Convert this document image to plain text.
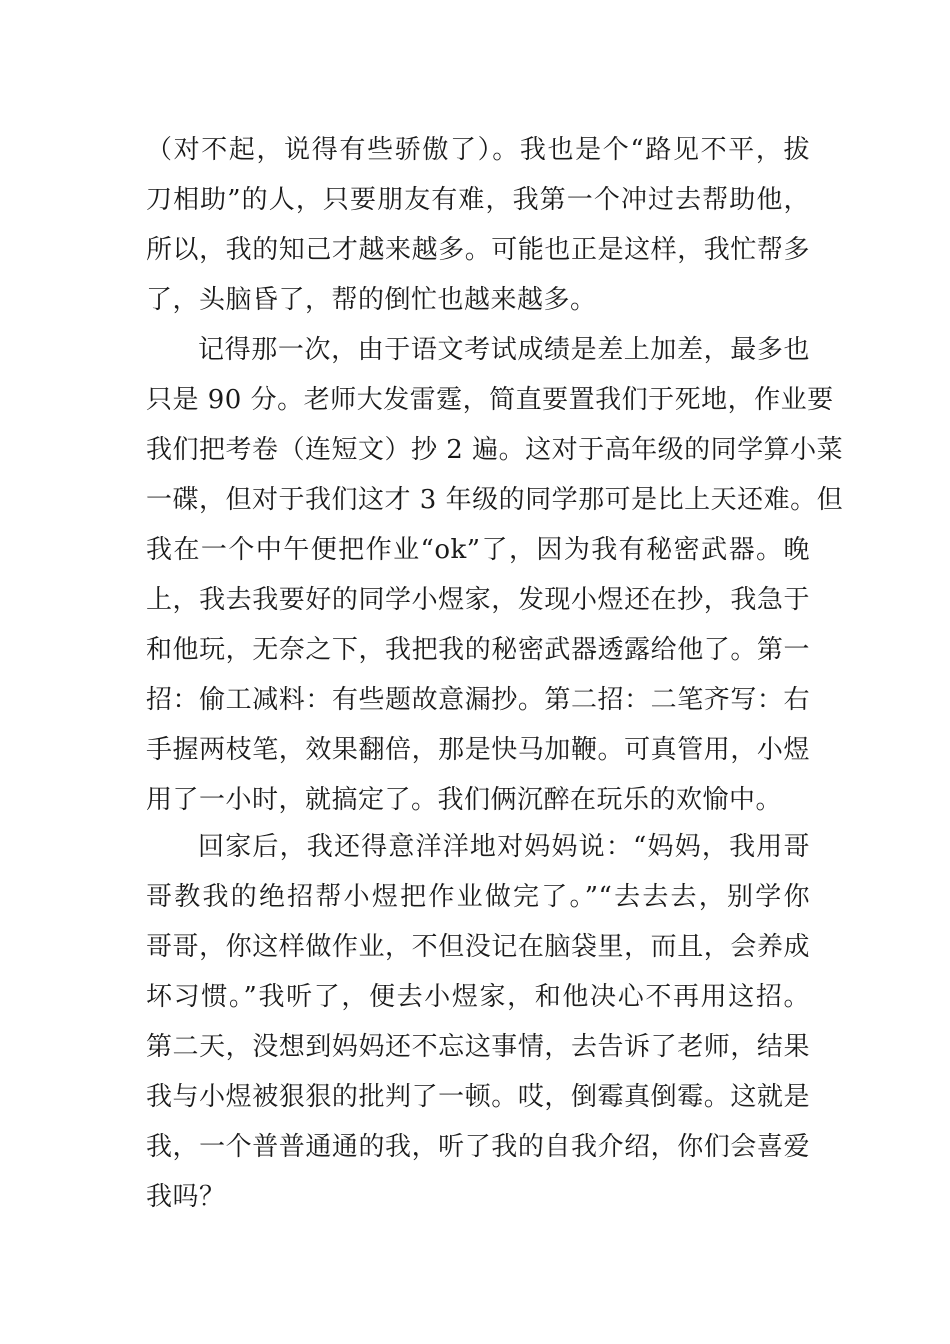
（对不起，说得有些骄傲了）。我也是个“路见不平，拔
刀相助”的人，只要朋友有难，我第一个冲过去帮助他，
所以，我的知己才越来越多。可能也正是这样，我忙帮多
了，头脑昏了，帮的倒忙也越来越多。
记得那一次，由于语文考试成绩是差上加差，最多也
只是 90 分。老师大发雷霆，简直要置我们于死地，作业要
我们把考卷（连短文）抄 2 遍。这对于高年级的同学算小菜
一碟，但对于我们这才 3 年级的同学那可是比上天还难。但
我在一个中午便把作业“ok”了，因为我有秘密武器。晚
上，我去我要好的同学小煜家，发现小煜还在抄，我急于
和他玩，无奈之下，我把我的秘密武器透露给他了。第一
招：偷工减料：有些题故意漏抄。第二招：二笔齐写：右
手握两枝笔，效果翻倍，那是快马加鞭。可真管用，小煜
用了一小时，就搞定了。我们俩沉醉在玩乐的欢愉中。
回家后，我还得意洋洋地对妈妈说：“妈妈，我用哥
哥教我的绝招帮小煜把作业做完了。”“去去去，别学你
哥哥，你这样做作业，不但没记在脑袋里，而且，会养成
坏习惯。”我听了，便去小煜家，和他决心不再用这招。
第二天，没想到妈妈还不忘这事情，去告诉了老师，结果
我与小煜被狠狠的批判了一顿。哎，倒霉真倒霉。这就是
我，一个普普通通的我，听了我的自我介绍，你们会喜爱
我吗？
